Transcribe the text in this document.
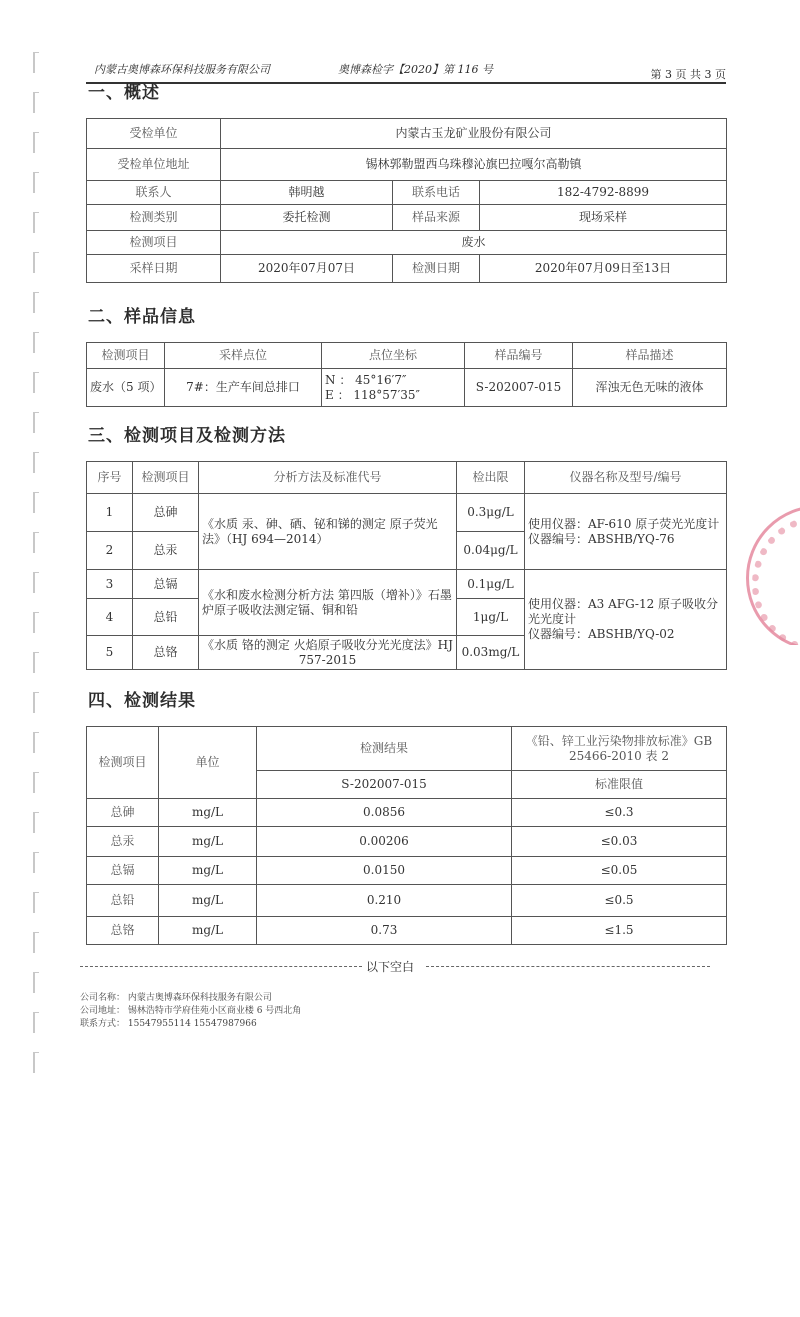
内蒙古奥博森环保科技服务有限公司	奥博森检字【2020】第 116 号	第 3 页 共 3 页
一、概述
受检单位	内蒙古玉龙矿业股份有限公司		
受检单位地址	锡林郭勒盟西乌珠穆沁旗巴拉嘎尔高勒镇		
联系人	韩明越	联系电话	182-4792-8899
检测类别	委托检测	样品来源	现场采样
检测项目	废水		
采样日期	2020年07月07日	检测日期	2020年07月09日至13日
二、样品信息
检测项目	采样点位	点位坐标	样品编号	样品描述
废水（5 项）	7#：生产车间总排口	N ： 45°16′7″
E ： 118°57′35″	S-202007-015	浑浊无色无味的液体
三、检测项目及检测方法
序号	检测项目	分析方法及标准代号	检出限	仪器名称及型号/编号
1	总砷	《水质 汞、砷、硒、铋和锑的测定 原子荧光法》（HJ 694—2014）	0.3μg/L	使用仪器：AF-610 原子荧光光度计
仪器编号：ABSHB/YQ-76

2	总汞		0.04μg/L	
3	总镉	《水和废水检测分析方法 第四版（增补）》石墨炉原子吸收法测定镉、铜和铅	0.1μg/L	使用仪器：A3 AFG-12 原子吸收分光光度计
仪器编号：ABSHB/YQ-02

4	总铅		1μg/L	
5	总铬	《水质 铬的测定 火焰原子吸收分光光度法》HJ 757-2015	0.03mg/L	
四、检测结果
检测项目	单位	检测结果	《铅、锌工业污染物排放标准》GB 25466-2010 表 2
		S-202007-015	标准限值
总砷	mg/L	0.0856	≤0.3
总汞	mg/L	0.00206	≤0.03
总镉	mg/L	0.0150	≤0.05
总铅	mg/L	0.210	≤0.5
总铬	mg/L	0.73	≤1.5
以下空白
公司名称： 内蒙古奥博森环保科技服务有限公司
公司地址： 锡林浩特市学府佳苑小区商业楼 6 号西北角
联系方式： 15547955114 15547987966
